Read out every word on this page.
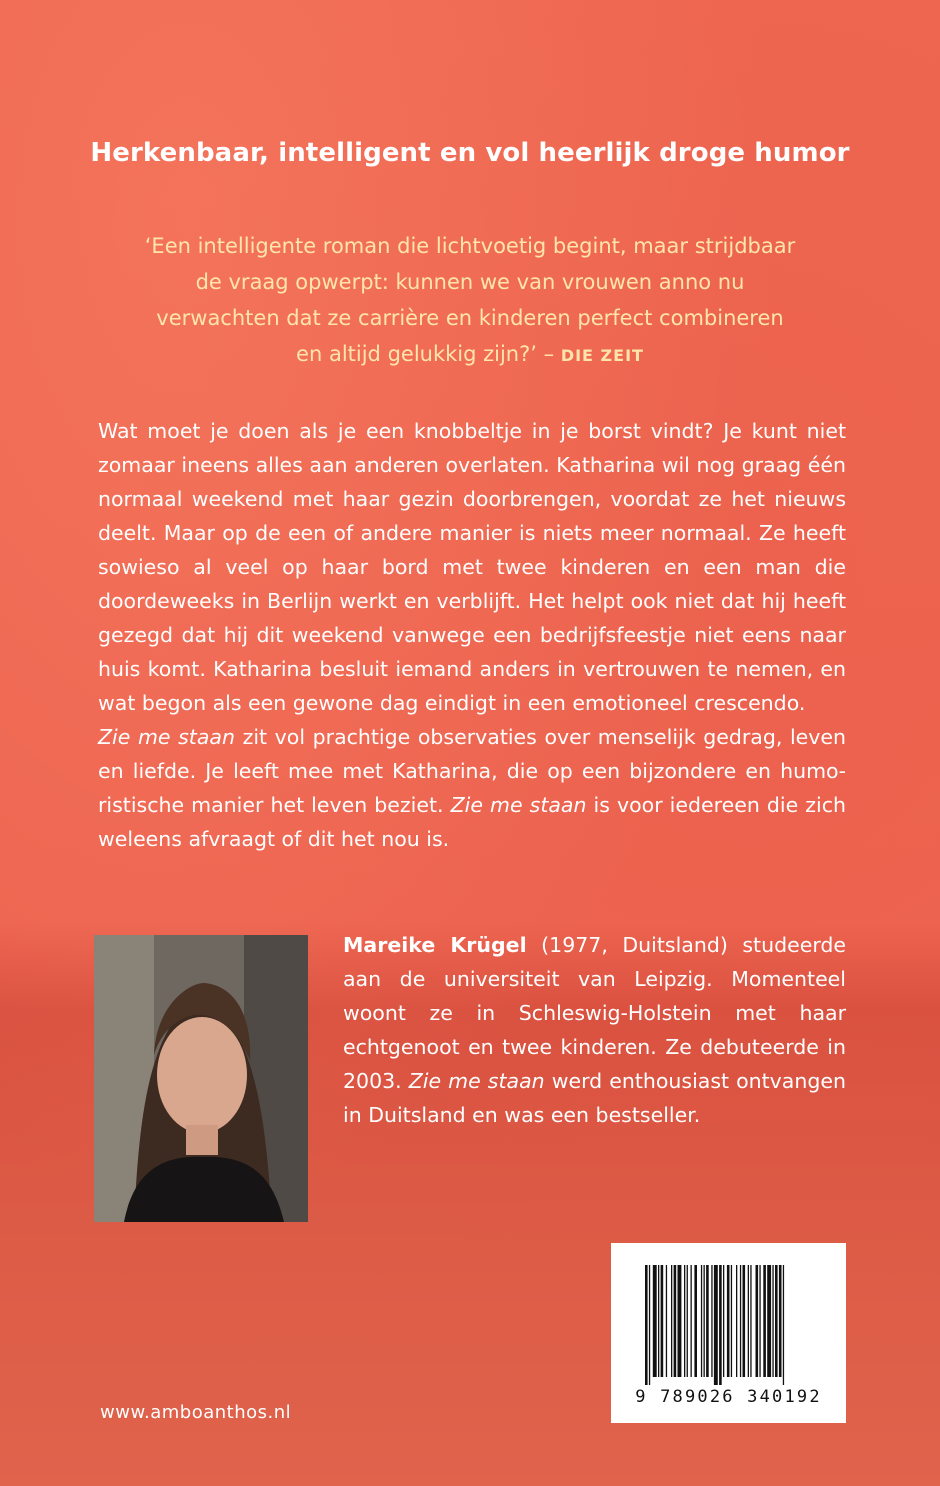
Herkenbaar, intelligent en vol heerlijk droge humor
‘Een intelligente roman die lichtvoetig begint, maar strijdbaar de vraag opwerpt: kunnen we van vrouwen anno nu verwachten dat ze carrière en kinderen perfect combineren en altijd gelukkig zijn?’ – DIE ZEIT

Wat moet je doen als je een knobbeltje in je borst vindt? Je kunt niet zomaar ineens alles aan anderen overlaten. Katharina wil nog graag één normaal weekend met haar gezin doorbrengen, voordat ze het nieuws deelt. Maar op de een of andere manier is niets meer normaal. Ze heeft sowieso al veel op haar bord met twee kinderen en een man die doordeweeks in Berlijn werkt en verblijft. Het helpt ook niet dat hij heeft gezegd dat hij dit weekend vanwege een bedrijfsfeestje niet eens naar huis komt. Katharina besluit iemand anders in vertrouwen te nemen, en wat begon als een gewone dag eindigt in een emotioneel crescendo.

Zie me staan zit vol prachtige observaties over menselijk gedrag, leven en liefde. Je leeft mee met Katharina, die op een bijzondere en humoristische manier het leven beziet. Zie me staan is voor iedereen die zich weleens afvraagt of dit het nou is.

Mareike Krügel (1977, Duitsland) studeerde aan de universiteit van Leipzig. Momenteel woont ze in Schleswig-Holstein met haar echtgenoot en twee kinderen. Ze debuteerde in 2003. Zie me staan werd enthousiast ontvangen in Duitsland en was een bestseller.
www.amboanthos.nl
9 789026 340192
